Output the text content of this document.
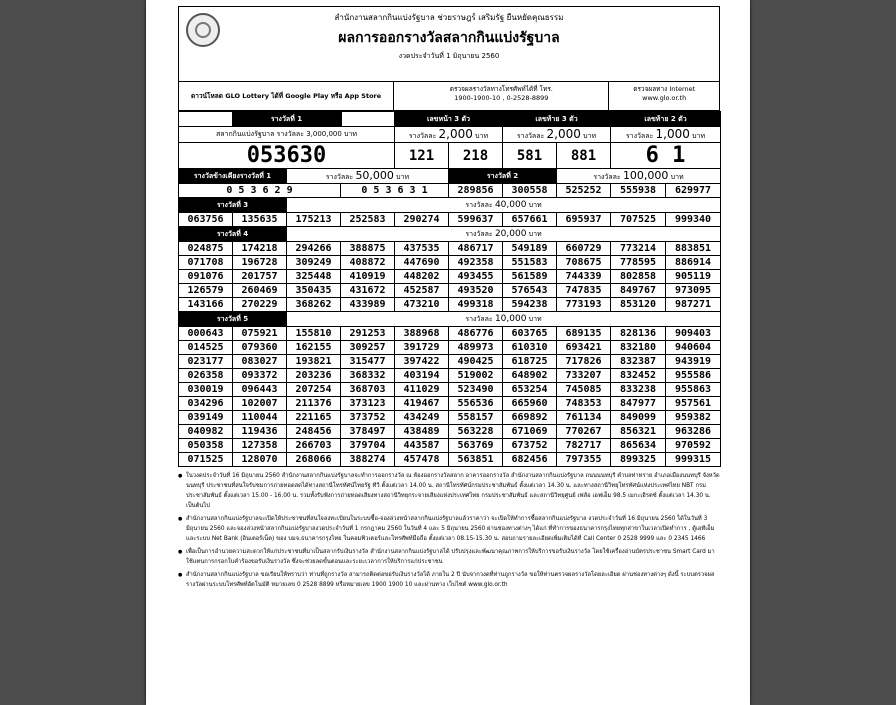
สำนักงานสลากกินแบ่งรัฐบาล ช่วยราษฎร์ เสริมรัฐ ยืนหยัดคุณธรรม
ผลการออกรางวัลสลากกินแบ่งรัฐบาล
งวดประจำวันที่ 1 มิถุนายน 2560
ดาวน์โหลด GLO Lottery ได้ที่ Google Play หรือ App Store
ตรวจผลรางวัลทางโทรศัพท์ได้ที่ โทร.
1900-1900-10 , 0-2528-8899
ตรวจผลทาง Internet
www.glo.or.th
รางวัลที่ 1				เลขหน้า 3 ตัว		เลขท้าย 3 ตัว		เลขท้าย 2 ตัว	
สลากกินแบ่งรัฐบาล รางวัลละ 3,000,000 บาท				รางวัลละ 2,000 บาท		รางวัลละ 2,000 บาท		รางวัลละ 1,000 บาท	
053630				121	218	581	881	6 1	
รางวัลข้างเคียงรางวัลที่ 1		รางวัลละ 50,000 บาท			รางวัลที่ 2		รางวัลละ 100,000 บาท		
0 5 3 6 2 9			0 5 3 6 3 1		289856	300558	525252	555938	629977
รางวัลที่ 3		รางวัลละ 40,000 บาท							
063756	135635	175213	252583	290274	599637	657661	695937	707525	999340
รางวัลที่ 4		รางวัลละ 20,000 บาท							
024875	174218	294266	388875	437535	486717	549189	660729	773214	883851
071708	196728	309249	408872	447690	492358	551583	708675	778595	886914
091076	201757	325448	410919	448202	493455	561589	744339	802858	905119
126579	260469	350435	431672	452587	493520	576543	747835	849767	973095
143166	270229	368262	433989	473210	499318	594238	773193	853120	987271
รางวัลที่ 5		รางวัลละ 10,000 บาท							
000643	075921	155810	291253	388968	486776	603765	689135	828136	909403
014525	079360	162155	309257	391729	489973	610310	693421	832180	940604
023177	083027	193821	315477	397422	490425	618725	717826	832387	943919
026358	093372	203236	368332	403194	519002	648902	733207	832452	955586
030019	096443	207254	368703	411029	523490	653254	745085	833238	955863
034296	102007	211376	373123	419467	556536	665960	748353	847977	957561
039149	110044	221165	373752	434249	558157	669892	761134	849099	959382
040982	119436	248456	378497	438489	563228	671069	770267	856321	963286
050358	127358	266703	379704	443587	563769	673752	782717	865634	970592
071525	128070	268066	388274	457478	563851	682456	797355	899325	999315

● ในวงดประจำวันที่ 16 มิถุนายน 2560 สำนักงานสลากกินแบ่งรัฐบาลจะทำการออกรางวัล ณ ห้องออกรางวัลสลาก อาคารออกรางวัล สำนักงานสลากกินแบ่งรัฐบาล ถนนนนทบุรี ตำบลท่าทราย อำเภอเมืองนนทบุรี จังหวัดนนทบุรี ประชาชนที่สนใจรับชมการถ่ายทอดสดได้ทางสถานีโทรทัศน์ไทยรัฐ ทีวี ตั้งแต่เวลา 14.00 น. สถานีโทรทัศน์กรมประชาสัมพันธ์ ตั้งแต่เวลา 14.30 น. และทางสถานีวิทยุโทรทัศน์แห่งประเทศไทย NBT กรมประชาสัมพันธ์ ตั้งแต่เวลา 15.00 - 16.00 น. รวมทั้งรับฟังการถ่ายทอดเสียงทางสถานีวิทยุกระจายเสียงแห่งประเทศไทย กรมประชาสัมพันธ์ และสถานีวิทยุศูนย์ เฟส์อ เอฟเอ็ม 98.5 เมกะเฮิรตซ์ ตั้งแต่เวลา 14.30 น. เป็นต้นไป

● สำนักงานสลากกินแบ่งรัฐบาลจะเปิดให้ประชาชนที่สนใจลงทะเบียนในระบบซื้อ-จองล่วงหน้าสลากกินแบ่งรัฐบาลแล้วราคาว่า จะเปิดให้ทำการซื้อสลากกินแบ่งรัฐบาล งวดประจำวันที่ 16 มิถุนายน 2560 ได้ในวันที่ 3 มิถุนายน 2560 และจองล่วงหน้าสลากกินแบ่งรัฐบาลงวดประจำวันที่ 1 กรกฎาคม 2560 ในวันที่ 4 และ 5 มิถุนายน 2560 ผ่านช่องทางต่างๆ ได้แก่ ที่ทำการของธนาคารกรุงไทยทุกสาขาในเวลาเปิดทำการ , ตู้เอทีเอ็ม และระบบ Net Bank (อินเตอร์เน็ต) ของ บมจ.ธนาคารกรุงไทย ในคอมพิวเตอร์และโทรศัพท์มือถือ ตั้งแต่เวลา 08.15-15.30 น. สอบถามรายละเอียดเพิ่มเติมได้ที่ Call Center 0 2528 9999 และ 0 2345 1466

● เพื่อเป็นการอำนวยความสะดวกให้แก่ประชาชนที่มาเป็นสลากรับเงินรางวัล สำนักงานสลากกินแบ่งรัฐบาลได้ ปรับปรุงและพัฒนาคุณภาพการให้บริการขอรับเงินรางวัล โดยใช้เครื่องอ่านบัตรประชาชน Smart Card มาใช้แทนการกรอกใบคำร้องขอรับเงินรางวัล ซึ่งจะช่วยลดขั้นตอนและระยะเวลาการให้บริการแก่ประชาชน

● สำนักงานสลากกินแบ่งรัฐบาล ขอเรียนให้ทราบว่า ท่านที่ถูกรางวัล สามารถติดต่อขอรับเงินรางวัลได้ ภายใน 2 ปี นับจากวงดที่ท่านถูกรางวัล ขอให้ท่านตรวจผลรางวัลโดยละเอียด ผ่านช่องทางต่างๆ ดังนี้ ระบบตรวจผลรางวัลผ่านระบบโทรศัพท์อัตโนมัติ หมายเลข 0 2528 8899 หรือหมายเลข 1900 1900 10 และผ่านทาง เว็บไซต์ www.glo.or.th
